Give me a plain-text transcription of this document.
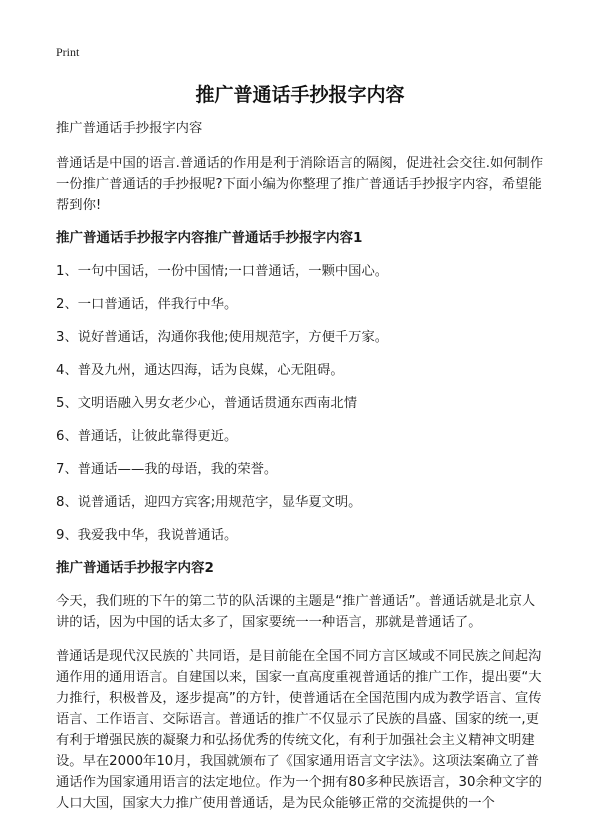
Print
推广普通话手抄报字内容

推广普通话手抄报字内容

普通话是中国的语言.普通话的作用是利于消除语言的隔阂，促进社会交往.如何制作一份推广普通话的手抄报呢?下面小编为你整理了推广普通话手抄报字内容，希望能帮到你!

推广普通话手抄报字内容推广普通话手抄报字内容1

1、一句中国话，一份中国情;一口普通话，一颗中国心。

2、一口普通话，伴我行中华。

3、说好普通话，沟通你我他;使用规范字，方便千万家。

4、普及九州，通达四海，话为良媒，心无阻碍。

5、文明语融入男女老少心，普通话贯通东西南北情

6、普通话，让彼此靠得更近。

7、普通话——我的母语，我的荣誉。

8、说普通话，迎四方宾客;用规范字，显华夏文明。

9、我爱我中华，我说普通话。

推广普通话手抄报字内容2

今天，我们班的下午的第二节的队活课的主题是“推广普通话”。普通话就是北京人讲的话，因为中国的话太多了，国家要统一一种语言，那就是普通话了。

普通话是现代汉民族的`共同语，是目前能在全国不同方言区域或不同民族之间起沟通作用的通用语言。自建国以来，国家一直高度重视普通话的推广工作，提出要“大力推行，积极普及，逐步提高”的方针，使普通话在全国范围内成为教学语言、宣传语言、工作语言、交际语言。普通话的推广不仅显示了民族的昌盛、国家的统一,更有利于增强民族的凝聚力和弘扬优秀的传统文化，有利于加强社会主义精神文明建设。早在2000年10月，我国就颁布了《国家通用语言文字法》。这项法案确立了普通话作为国家通用语言的法定地位。作为一个拥有80多种民族语言，30余种文字的人口大国，国家大力推广使用普通话，是为民众能够正常的交流提供的一个
